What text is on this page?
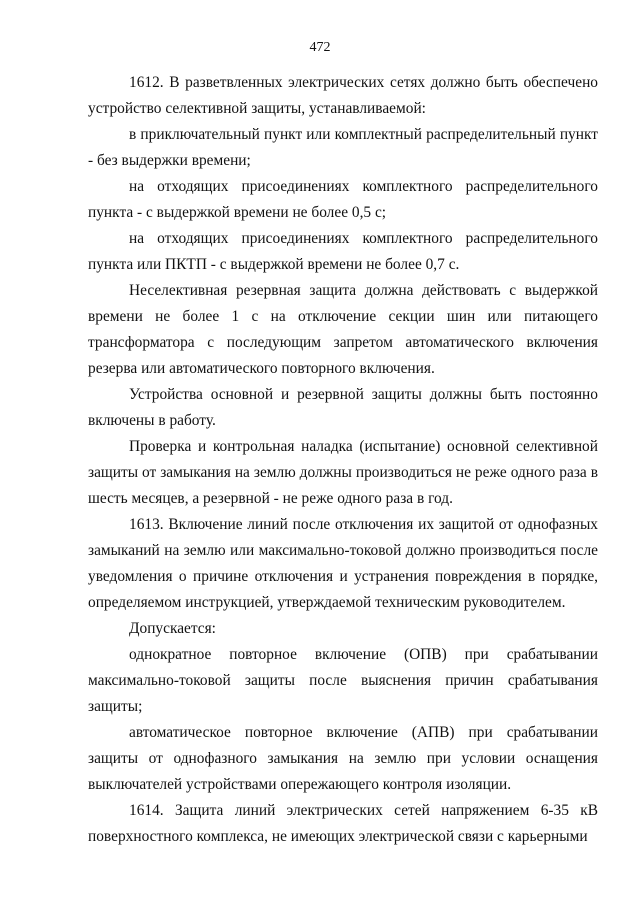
472

1612. В разветвленных электрических сетях должно быть обеспечено устройство селективной защиты, устанавливаемой:

в приключательный пункт или комплектный распределительный пункт - без выдержки времени;

на отходящих присоединениях комплектного распределительного пункта - с выдержкой времени не более 0,5 с;

на отходящих присоединениях комплектного распределительного пункта или ПКТП - с выдержкой времени не более 0,7 с.

Неселективная резервная защита должна действовать с выдержкой времени не более 1 с на отключение секции шин или питающего трансформатора с последующим запретом автоматического включения резерва или автоматического повторного включения.

Устройства основной и резервной защиты должны быть постоянно включены в работу.

Проверка и контрольная наладка (испытание) основной селективной защиты от замыкания на землю должны производиться не реже одного раза в шесть месяцев, а резервной - не реже одного раза в год.

1613. Включение линий после отключения их защитой от однофазных замыканий на землю или максимально-токовой должно производиться после уведомления о причине отключения и устранения повреждения в порядке, определяемом инструкцией, утверждаемой техническим руководителем.

Допускается:

однократное повторное включение (ОПВ) при срабатывании максимально-токовой защиты после выяснения причин срабатывания защиты;

автоматическое повторное включение (АПВ) при срабатывании защиты от однофазного замыкания на землю при условии оснащения выключателей устройствами опережающего контроля изоляции.

1614. Защита линий электрических сетей напряжением 6-35 кВ поверхностного комплекса, не имеющих электрической связи с карьерными
